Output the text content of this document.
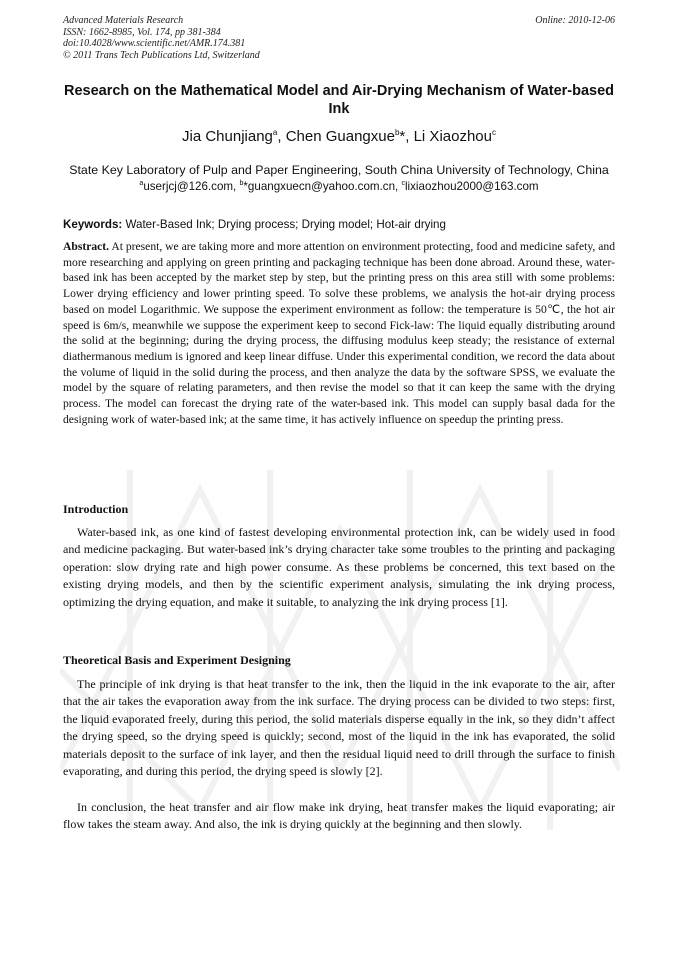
Advanced Materials Research
ISSN: 1662-8985, Vol. 174, pp 381-384
doi:10.4028/www.scientific.net/AMR.174.381
© 2011 Trans Tech Publications Ltd, Switzerland
Online: 2010-12-06
Research on the Mathematical Model and Air-Drying Mechanism of Water-based Ink
Jia Chunjiang$^a$, Chen Guangxue$^b$*, Li Xiaozhou$^c$
State Key Laboratory of Pulp and Paper Engineering, South China University of Technology, China
$^a$userjcj@126.com, $^b$*guangxuecn@yahoo.com.cn, $^c$lixiaozhou2000@163.com
Keywords: Water-Based Ink; Drying process; Drying model; Hot-air drying
Abstract. At present, we are taking more and more attention on environment protecting, food and medicine safety, and more researching and applying on green printing and packaging technique has been done abroad. Around these, water-based ink has been accepted by the market step by step, but the printing press on this area still with some problems: Lower drying efficiency and lower printing speed. To solve these problems, we analysis the hot-air drying process based on model Logarithmic. We suppose the experiment environment as follow: the temperature is 50℃, the hot air speed is 6m/s, meanwhile we suppose the experiment keep to second Fick-law: The liquid equally distributing around the solid at the beginning; during the drying process, the diffusing modulus keep steady; the resistance of external diathermanous medium is ignored and keep linear diffuse. Under this experimental condition, we record the data about the volume of liquid in the solid during the process, and then analyze the data by the software SPSS, we evaluate the model by the square of relating parameters, and then revise the model so that it can keep the same with the drying process. The model can forecast the drying rate of the water-based ink. This model can supply basal dada for the designing work of water-based ink; at the same time, it has actively influence on speedup the printing press.
Introduction
Water-based ink, as one kind of fastest developing environmental protection ink, can be widely used in food and medicine packaging. But water-based ink’s drying character take some troubles to the printing and packaging operation: slow drying rate and high power consume. As these problems be concerned, this text based on the existing drying models, and then by the scientific experiment analysis, simulating the ink drying process, optimizing the drying equation, and make it suitable, to analyzing the ink drying process [1].
Theoretical Basis and Experiment Designing
The principle of ink drying is that heat transfer to the ink, then the liquid in the ink evaporate to the air, after that the air takes the evaporation away from the ink surface. The drying process can be divided to two steps: first, the liquid evaporated freely, during this period, the solid materials disperse equally in the ink, so they didn’t affect the drying speed, so the drying speed is quickly; second, most of the liquid in the ink has evaporated, the solid materials deposit to the surface of ink layer, and then the residual liquid need to drill through the surface to finish evaporating, and during this period, the drying speed is slowly [2].
In conclusion, the heat transfer and air flow make ink drying, heat transfer makes the liquid evaporating; air flow takes the steam away. And also, the ink is drying quickly at the beginning and then slowly.
